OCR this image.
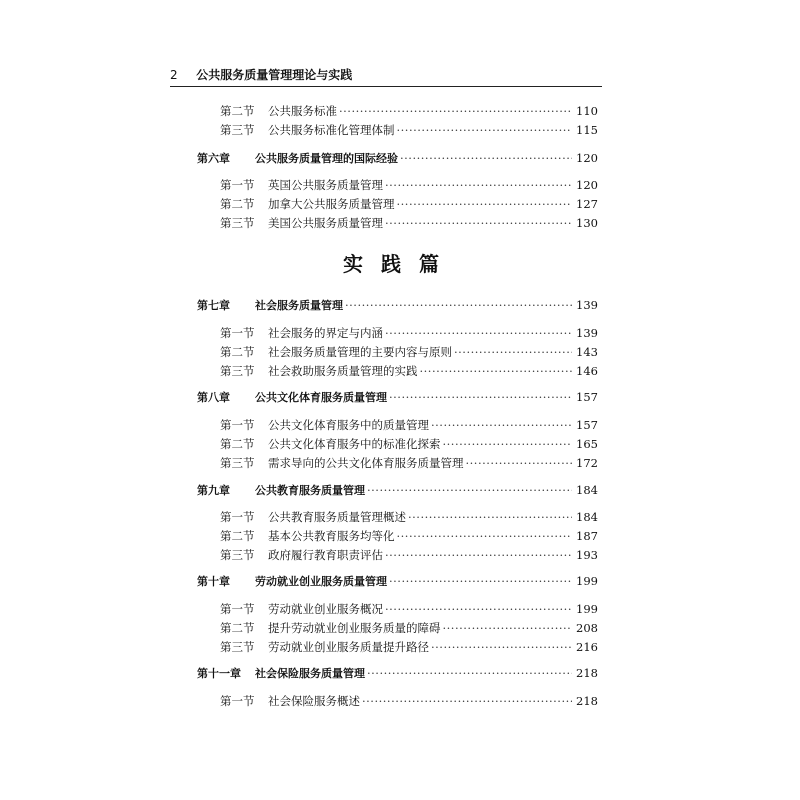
2 公共服务质量管理理论与实践
实践篇
第二节	公共服务标准 ·····	110
第三节	公共服务标准化管理体制 ·····	115
第六章	公共服务质量管理的国际经验 ·····	120
第一节	英国公共服务质量管理 ·····	120
第二节	加拿大公共服务质量管理 ·····	127
第三节	美国公共服务质量管理 ·····	130
第七章	社会服务质量管理 ·····	139
第一节	社会服务的界定与内涵 ·····	139
第二节	社会服务质量管理的主要内容与原则 ·····	143
第三节	社会救助服务质量管理的实践 ·····	146
第八章	公共文化体育服务质量管理 ·····	157
第一节	公共文化体育服务中的质量管理 ·····	157
第二节	公共文化体育服务中的标准化探索 ·····	165
第三节	需求导向的公共文化体育服务质量管理 ·····	172
第九章	公共教育服务质量管理 ·····	184
第一节	公共教育服务质量管理概述 ·····	184
第二节	基本公共教育服务均等化 ·····	187
第三节	政府履行教育职责评估 ·····	193
第十章	劳动就业创业服务质量管理 ·····	199
第一节	劳动就业创业服务概况 ·····	199
第二节	提升劳动就业创业服务质量的障碍 ·····	208
第三节	劳动就业创业服务质量提升路径 ·····	216
第十一章	社会保险服务质量管理 ·····	218
第一节	社会保险服务概述 ·····	218
